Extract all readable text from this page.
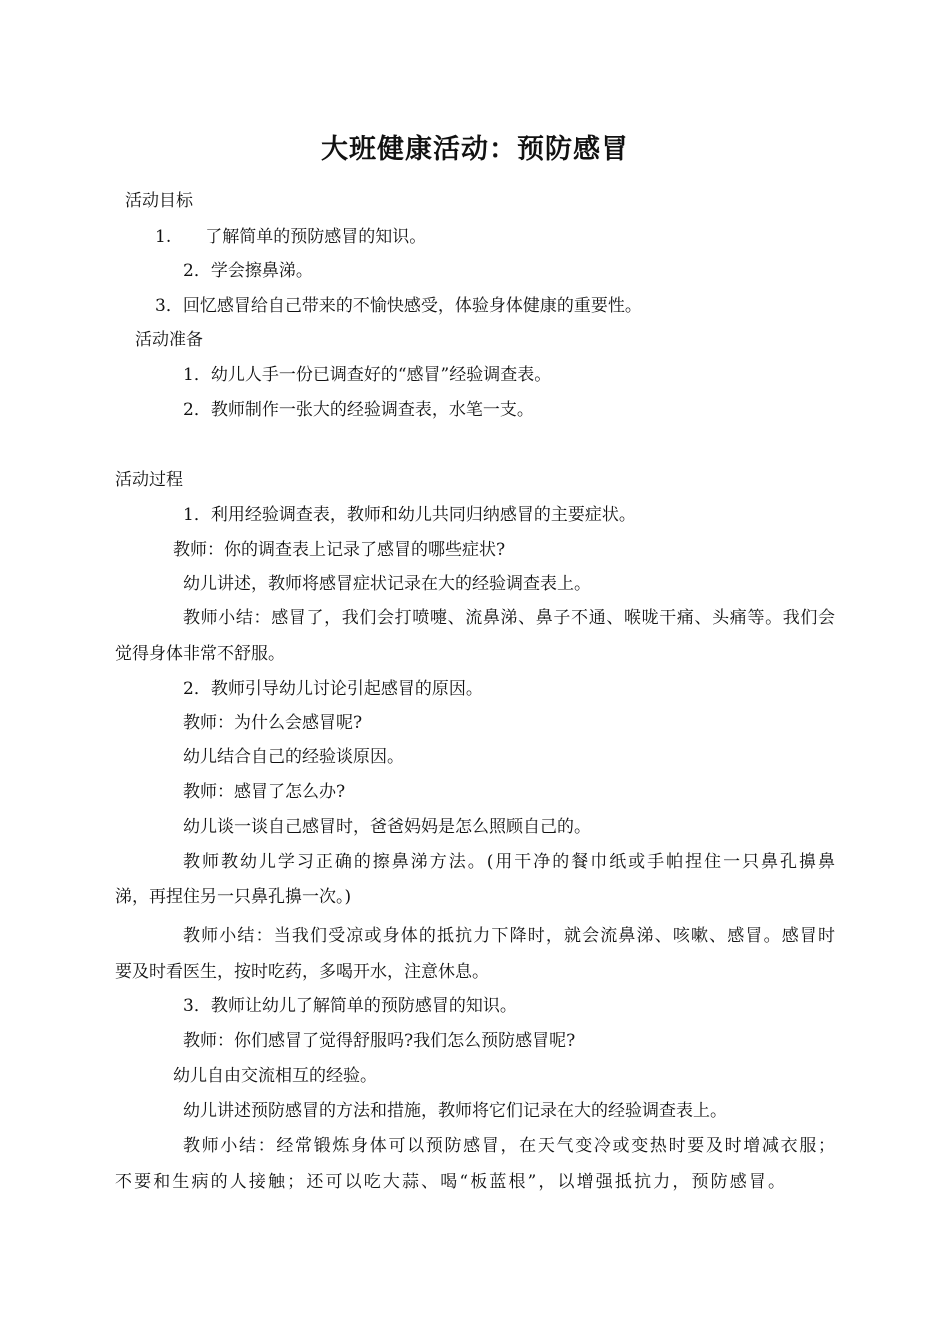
大班健康活动：预防感冒
活动目标
1.　　了解简单的预防感冒的知识。
2．学会擦鼻涕。
3．回忆感冒给自己带来的不愉快感受，体验身体健康的重要性。
活动准备
1．幼儿人手一份已调查好的“感冒”经验调查表。
2．教师制作一张大的经验调查表，水笔一支。
活动过程
1．利用经验调查表，教师和幼儿共同归纳感冒的主要症状。
教师：你的调查表上记录了感冒的哪些症状?
幼儿讲述，教师将感冒症状记录在大的经验调查表上。
教师小结：感冒了，我们会打喷嚏、流鼻涕、鼻子不通、喉咙干痛、头痛等。我们会
觉得身体非常不舒服。
2．教师引导幼儿讨论引起感冒的原因。
教师：为什么会感冒呢?
幼儿结合自己的经验谈原因。
教师：感冒了怎么办?
幼儿谈一谈自己感冒时，爸爸妈妈是怎么照顾自己的。
教师教幼儿学习正确的擦鼻涕方法。(用干净的餐巾纸或手帕捏住一只鼻孔擤鼻
涕，再捏住另一只鼻孔擤一次。)
教师小结：当我们受凉或身体的抵抗力下降时，就会流鼻涕、咳嗽、感冒。感冒时
要及时看医生，按时吃药，多喝开水，注意休息。
3．教师让幼儿了解简单的预防感冒的知识。
教师：你们感冒了觉得舒服吗?我们怎么预防感冒呢?
幼儿自由交流相互的经验。
幼儿讲述预防感冒的方法和措施，教师将它们记录在大的经验调查表上。
教师小结：经常锻炼身体可以预防感冒，在天气变冷或变热时要及时增减衣服；
不要和生病的人接触；还可以吃大蒜、喝“板蓝根”，以增强抵抗力，预防感冒。
